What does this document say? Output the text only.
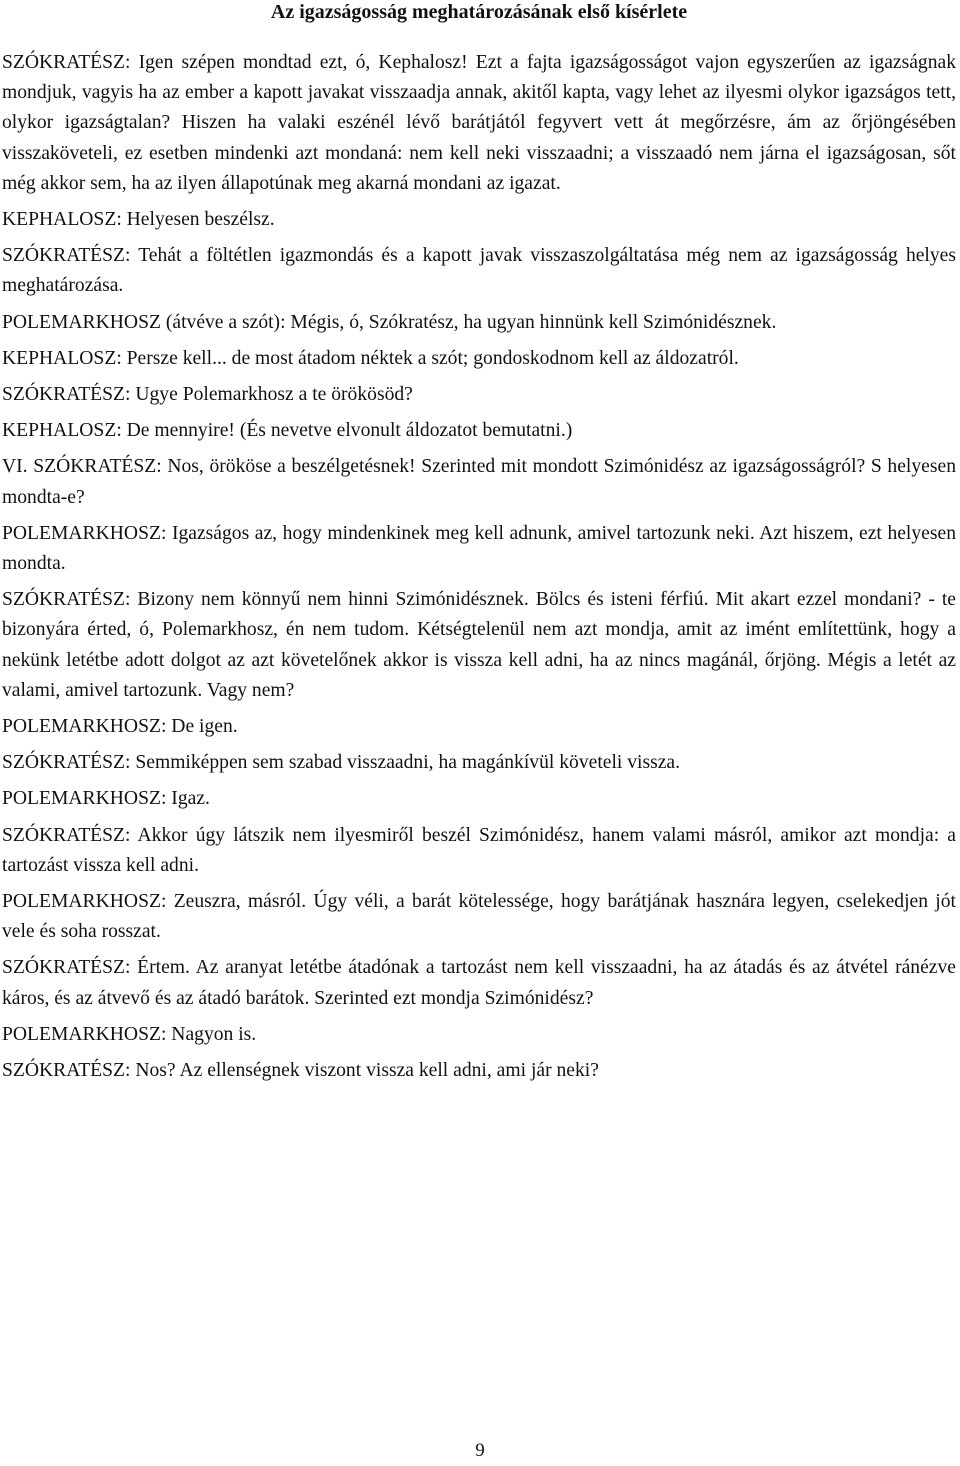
Az igazságosság meghatározásának első kísérlete

SZÓKRATÉSZ: Igen szépen mondtad ezt, ó, Kephalosz! Ezt a fajta igazságosságot vajon egyszerűen az igazságnak mondjuk, vagyis ha az ember a kapott javakat visszaadja annak, akitől kapta, vagy lehet az ilyesmi olykor igazságos tett, olykor igazságtalan? Hiszen ha valaki eszénél lévő barátjától fegyvert vett át megőrzésre, ám az őrjöngésében visszaköveteli, ez esetben mindenki azt mondaná: nem kell neki visszaadni; a visszaadó nem járna el igazságosan, sőt még akkor sem, ha az ilyen állapotúnak meg akarná mondani az igazat.

KEPHALOSZ: Helyesen beszélsz.

SZÓKRATÉSZ: Tehát a föltétlen igazmondás és a kapott javak visszaszolgáltatása még nem az igazságosság helyes meghatározása.

POLEMARKHOSZ (átvéve a szót): Mégis, ó, Szókratész, ha ugyan hinnünk kell Szimónidésznek.

KEPHALOSZ: Persze kell... de most átadom néktek a szót; gondoskodnom kell az áldozatról.

SZÓKRATÉSZ: Ugye Polemarkhosz a te örökösöd?

KEPHALOSZ: De mennyire! (És nevetve elvonult áldozatot bemutatni.)

VI. SZÓKRATÉSZ: Nos, örököse a beszélgetésnek! Szerinted mit mondott Szimónidész az igazságosságról? S helyesen mondta-e?

POLEMARKHOSZ: Igazságos az, hogy mindenkinek meg kell adnunk, amivel tartozunk neki. Azt hiszem, ezt helyesen mondta.

SZÓKRATÉSZ: Bizony nem könnyű nem hinni Szimónidésznek. Bölcs és isteni férfiú. Mit akart ezzel mondani? - te bizonyára érted, ó, Polemarkhosz, én nem tudom. Kétségtelenül nem azt mondja, amit az imént említettünk, hogy a nekünk letétbe adott dolgot az azt követelőnek akkor is vissza kell adni, ha az nincs magánál, őrjöng. Mégis a letét az valami, amivel tartozunk. Vagy nem?

POLEMARKHOSZ: De igen.

SZÓKRATÉSZ: Semmiképpen sem szabad visszaadni, ha magánkívül követeli vissza.

POLEMARKHOSZ: Igaz.

SZÓKRATÉSZ: Akkor úgy látszik nem ilyesmiről beszél Szimónidész, hanem valami másról, amikor azt mondja: a tartozást vissza kell adni.

POLEMARKHOSZ: Zeuszra, másról. Úgy véli, a barát kötelessége, hogy barátjának hasznára legyen, cselekedjen jót vele és soha rosszat.

SZÓKRATÉSZ: Értem. Az aranyat letétbe átadónak a tartozást nem kell visszaadni, ha az átadás és az átvétel ránézve káros, és az átvevő és az átadó barátok. Szerinted ezt mondja Szimónidész?

POLEMARKHOSZ: Nagyon is.

SZÓKRATÉSZ: Nos? Az ellenségnek viszont vissza kell adni, ami jár neki?

9
